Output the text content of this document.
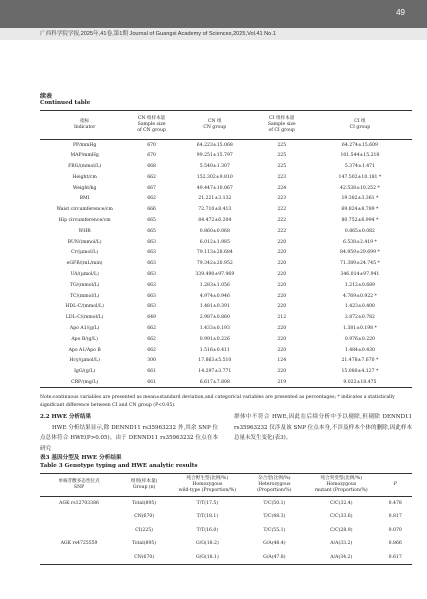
49
广西科学院学报,2025年,41卷,第1期 Journal of Guangxi Academy of Sciences,2025,Vol.41 No.1
续表
Continued table
指标
Indicator	CN 组样本量
Sample size
of CN group	CN 组
CN group	CI 组样本量
Sample size
of CI group	CI 组
CI group

PP/mmHg	670	64.223±15.068	225	64.274±15.609
MAP/mmHg	670	99.251±15.797	225	101.544±15.218
FBG/(mmol/L)	668	5.540±1.307	225	5.374±1.471
Height/cm	662	152.302±9.810	223	147.502±10.181 *
Weight/kg	667	49.447±10.067	224	42.538±10.252 *
BMI	662	21.221±3.132	223	19.382±3.361 *
Waist circumference/cm	666	72.710±8.413	222	69.824±8.789 *
Hip circumference/cm	665	84.472±6.204	222	80.752±6.994 *
WHR	665	0.860±0.068	222	0.865±0.082
BUN/(mmol/L)	663	6.012±1.985	220	6.538±2.419 *
Cr/(μmol/L)	663	79.113±28.684	220	84.959±29.699 *
eGFR/(mL/min)	663	79.342±20.952	220	71.389±24.745 *
UA/(μmol/L)	663	339.490±97.969	220	346.014±97.941
TG/(mmol/L)	663	1.283±1.056	220	1.212±0.689
TC/(mmol/L)	663	4.974±0.946	220	4.769±0.922 *
HDL-C/(mmol/L)	663	1.481±0.391	220	1.423±0.400
LDL-C/(mmol/L)	649	2.987±0.860	212	2.872±0.782
Apo A1/(g/L)	662	1.433±0.193	220	1.381±0.198 *
Apo B/(g/L)	662	0.991±0.226	220	0.976±0.220
Apo A1/Apo B	662	1.516±0.411	220	1.484±0.430
Hcy/(μmol/L)	300	17.863±5.510	124	21.478±7.670 *
IgG/(g/L)	661	14.297±3.771	220	15.080±4.127 *
CRP/(mg/L)	661	6.617±7.808	219	9.022±18.475
Note:continuous variables are presented as mean±standard deviation,and categorical variables are presented as percentages; * indicates a statistically significant difference between CI and CN group (P<0.05).
2.2 HWE 分析结果
HWE 分析结果显示,除 DENND11 rs35963232 外,其余 SNP 位点总体符合 HWE(P>0.05)。由于 DENND11 rs35963232 位点在本研究
群体中不符合 HWE,因此在后续分析中予以剔除,但剔除 DENND11 rs35963232 仅涉及该 SNP 位点本身,不涉及样本个体的删除,因此样本总量未发生变化(表3)。
表3 基因分型及 HWE 分析结果
Table 3 Genotype typing and HWE analytic results
单核苷酸多态性位点
SNP	组别(样本量)
Group (n)	纯合野生型(比例/%)
Homozygous
wild-type (Proportion/%)	杂合型(比例/%)
Heterozygous
(Proportion/%)	纯合突变型(比例/%)
Homozygous
mutant (Proportion/%)	P

AGK rs12703386	Total(895)	T/T(17.5)	T/C(50.1)	C/C(32.4)	0.478
	CN(670)	T/T(18.1)	T/C(48.3)	C/C(33.6)	0.817
	CI(225)	T/T(16.0)	T/C(55.1)	C/C(28.9)	0.070
AGK rs4725559	Total(895)	G/G(18.2)	G/A(48.4)	A/A(33.2)	0.866
	CN(670)	G/G(18.1)	G/A(47.8)	A/A(34.2)	0.617
